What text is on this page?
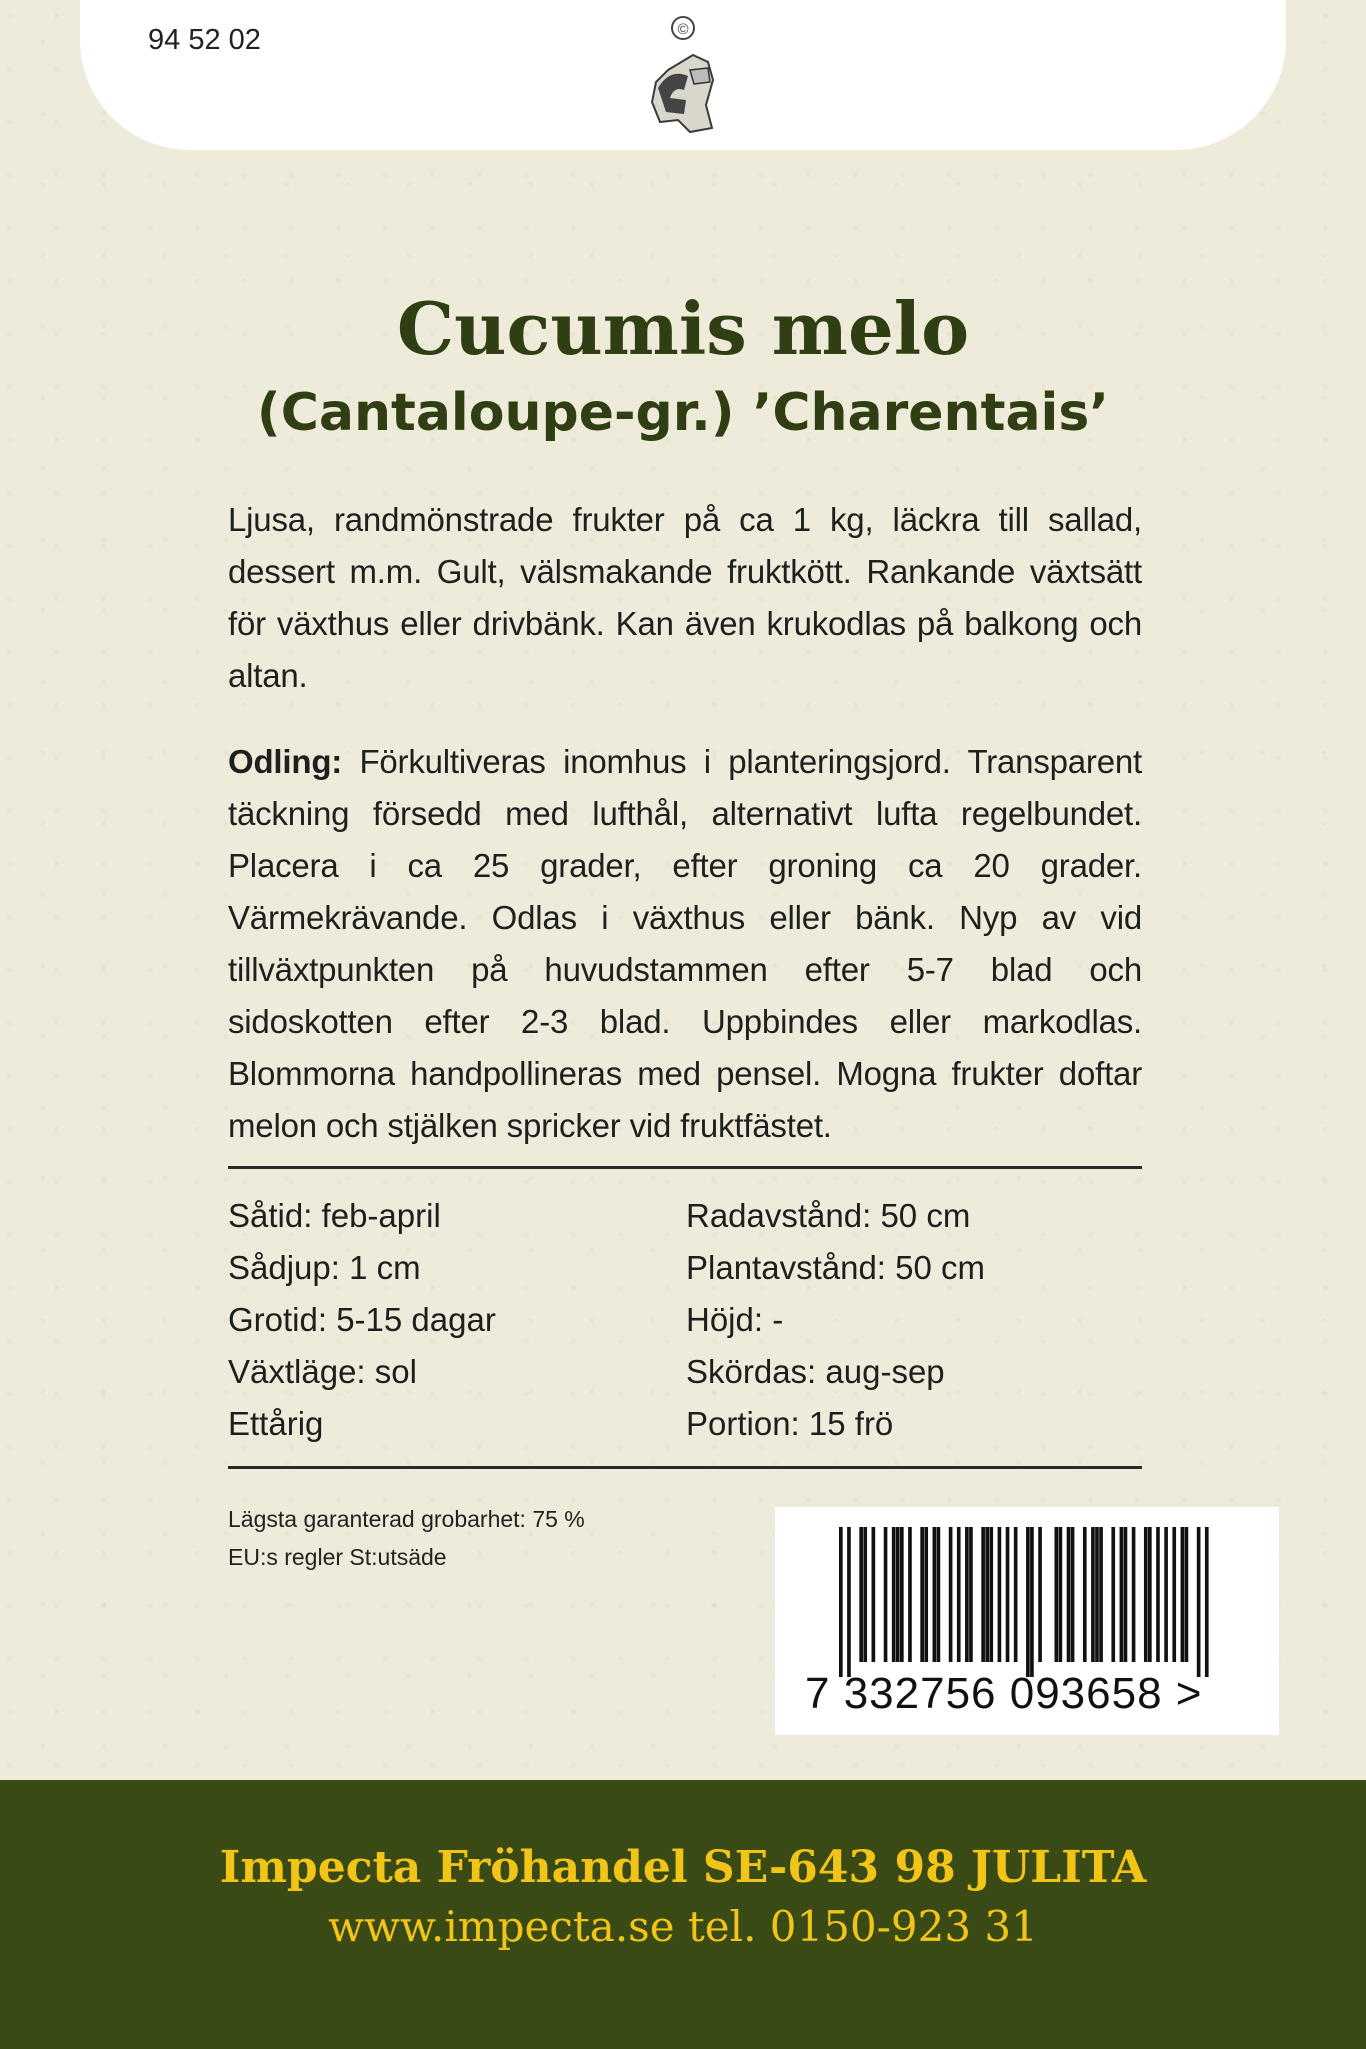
94 52 02	©
Cucumis melo
(Cantaloupe-gr.) ’Charentais’
Ljusa, randmönstrade frukter på ca 1 kg, läckra till sallad, dessert m.m. Gult, välsmakande fruktkött. Rankande växtsätt för växthus eller drivbänk. Kan även krukodlas på balkong och altan.
Odling: Förkultiveras inomhus i planteringsjord. Transparent täckning försedd med lufthål, alternativt lufta regelbundet. Placera i ca 25 grader, efter groning ca 20 grader. Värmekrävande. Odlas i växthus eller bänk. Nyp av vid tillväxtpunkten på huvudstammen efter 5-7 blad och sidoskotten efter 2-3 blad. Uppbindes eller markodlas. Blommorna handpollineras med pensel. Mogna frukter doftar melon och stjälken spricker vid fruktfästet.
Såtid: feb-april
Sådjup: 1 cm
Grotid: 5-15 dagar
Växtläge: sol
Ettårig
Radavstånd: 50 cm
Plantavstånd: 50 cm
Höjd: -
Skördas: aug-sep
Portion: 15 frö
Lägsta garanterad grobarhet: 75 %
EU:s regler St:utsäde
7 332756 093658 >
Impecta Fröhandel SE-643 98 JULITA
www.impecta.se tel. 0150-923 31
